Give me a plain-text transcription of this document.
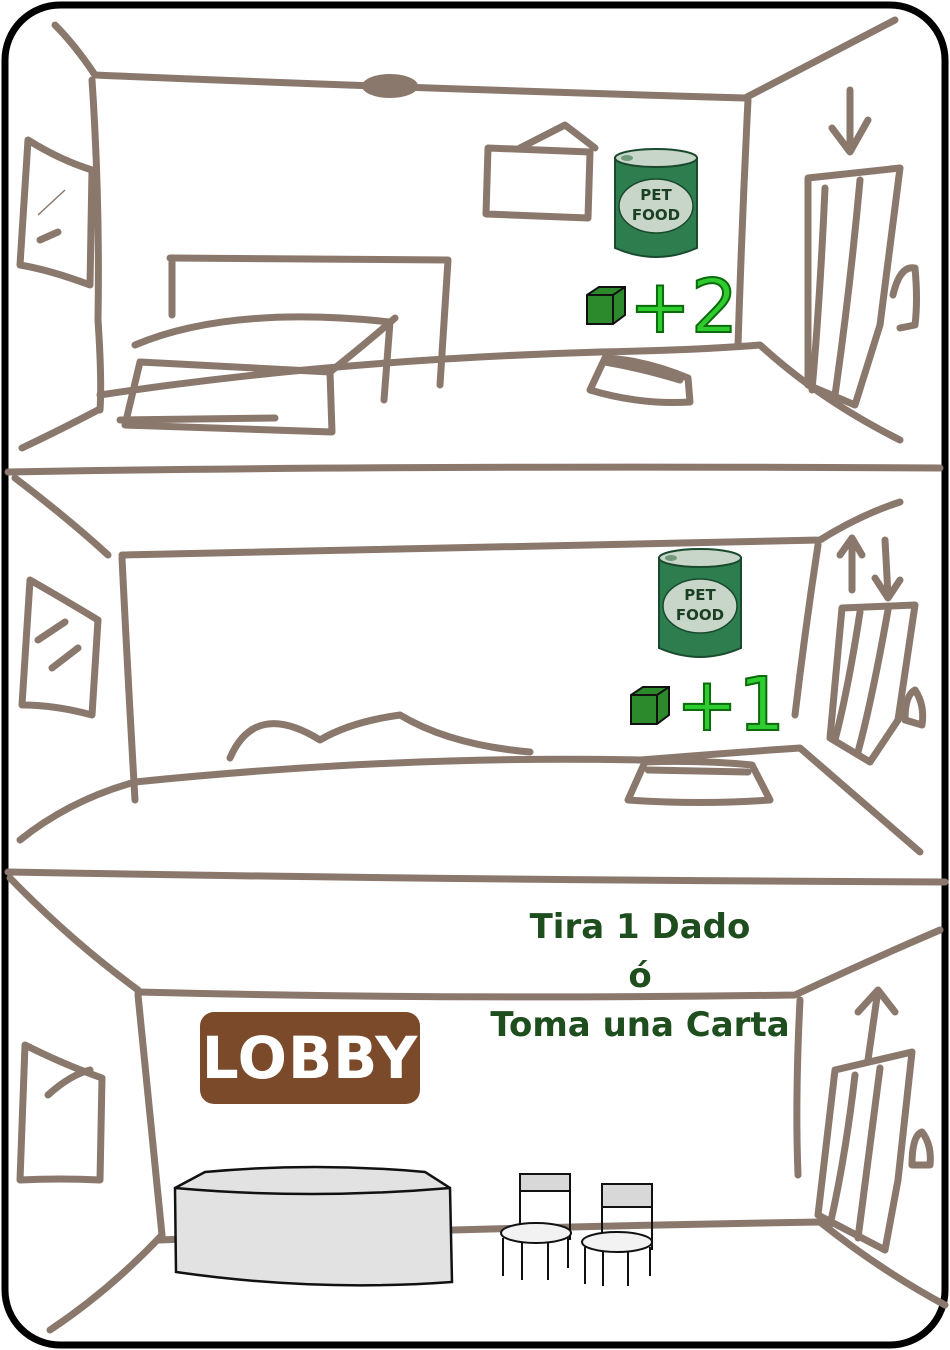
PET
FOOD
PET
FOOD
+2
+1
LOBBY
Tira 1 Dado
ó
Toma una Carta
